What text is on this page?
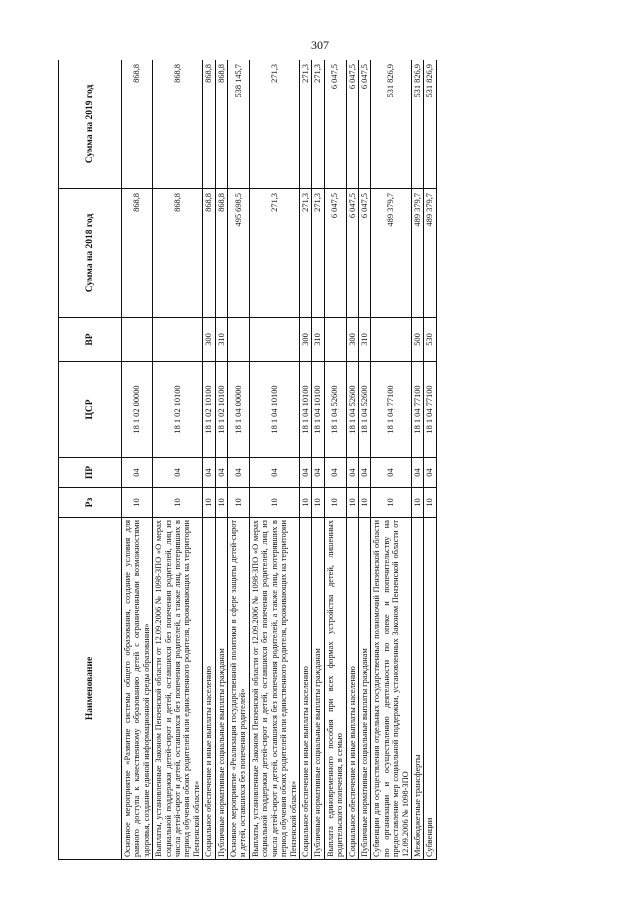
307
Наименование	Рз	ПР	ЦСР	ВР	Сумма на 2018 год	Сумма на 2019 год
Основное мероприятие «Развитие системы общего образования, создание условия для равного доступа к качественному образованию детей с ограниченными возможностями здоровья, создание единой информационной среды образования»	10	04	18 1 02 00000		868,8	868,8
Выплаты, установленные Законом Пензенской области от 12.09.2006 № 1098-ЗПО «О мерах социальной поддержки детей-сирот и детей, оставшихся без попечения родителей, лиц из числа детей-сирот и детей, оставшихся без попечения родителей, а также лиц, потерявших в период обучения обоих родителей или единственного родителя, проживающих на территории Пензенской области»	10	04	18 1 02 10100		868,8	868,8
Социальное обеспечение и иные выплаты населению	10	04	18 1 02 10100	300	868,8	868,8
Публичные нормативные социальные выплаты гражданам	10	04	18 1 02 10100	310	868,8	868,8
Основное мероприятие «Реализация государственной политики в сфере защиты детей-сирот и детей, оставшихся без попечения родителей»	10	04	18 1 04 00000		495 698,5	538 145,7
Выплаты, установленные Законом Пензенской области от 12.09.2006 № 1098-ЗПО «О мерах социальной поддержки детей-сирот и детей, оставшихся без попечения родителей, лиц из числа детей-сирот и детей, оставшихся без попечения родителей, а также лиц, потерявших в период обучения обоих родителей или единственного родителя, проживающих на территории Пензенской области»	10	04	18 1 04 10100		271,3	271,3
Социальное обеспечение и иные выплаты населению	10	04	18 1 04 10100	300	271,3	271,3
Публичные нормативные социальные выплаты гражданам	10	04	18 1 04 10100	310	271,3	271,3
Выплата единовременного пособия при всех формах устройства детей, лишенных родительского попечения, в семью	10	04	18 1 04 52600		6 047,5	6 047,5
Социальное обеспечение и иные выплаты населению	10	04	18 1 04 52600	300	6 047,5	6 047,5
Публичные нормативные социальные выплаты гражданам	10	04	18 1 04 52600	310	6 047,5	6 047,5
Субвенции для осуществления отдельных государственных полномочий Пензенской области по организации и осуществлению деятельности по опеке и попечительству на предоставление мер социальной поддержки, установленных Законом Пензенской области от 12.09.2006 № 1098-ЗПО	10	04	18 1 04 77100		489 379,7	531 826,9
Межбюджетные трансферты	10	04	18 1 04 77100	500	489 379,7	531 826,9
Субвенции	10	04	18 1 04 77100	530	489 379,7	531 826,9
